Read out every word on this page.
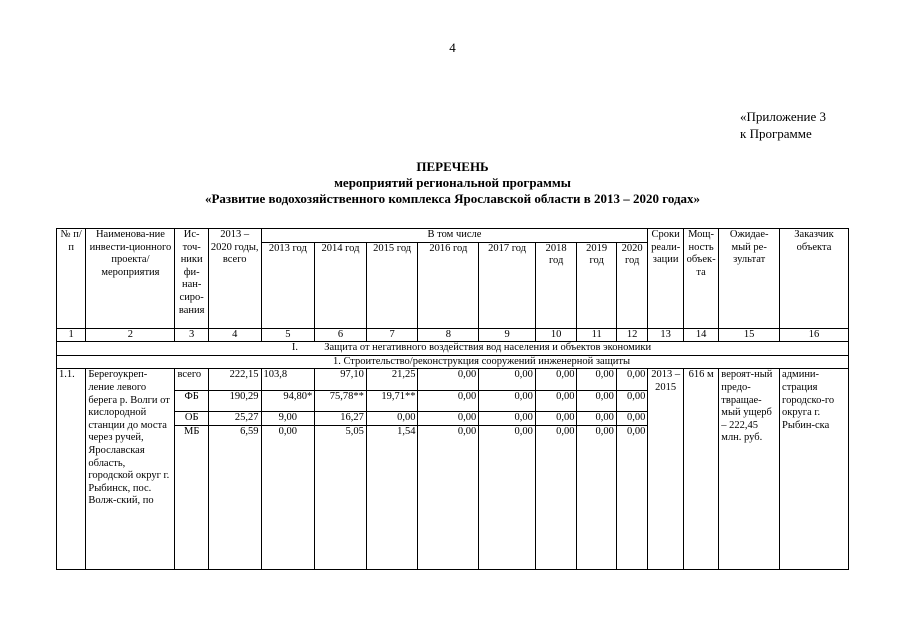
4
«Приложение 3
к Программе
ПЕРЕЧЕНЬ
мероприятий региональной программы
«Развитие водохозяйственного комплекса Ярославской области в 2013 – 2020 годах»
№ п/п	Наименова-ние инвести-ционного проекта/ мероприятия	Ис-точ-ники фи-нан-сиро-вания	2013 – 2020 годы, всего	В том числе								Сроки реали-зации	Мощ-ность объек-та	Ожидае-мый ре-зультат	Заказчик объекта
				2013 год	2014 год	2015 год	2016 год	2017 год	2018 год	2019 год	2020 год				
1	2	3	4	5	6	7	8	9	10	11	12	13	14	15	16
I.          Защита от негативного воздействия вод населения и объектов экономики															
1. Строительство/реконструкция сооружений инженерной защиты															
1.1.	Берегоукреп-ление левого берега р. Волги от кислородной станции до моста через ручей, Ярославская область, городской округ г. Рыбинск, пос. Волж-ский, по	всего	222,15	103,8	97,10	21,25	0,00	0,00	0,00	0,00	0,00	2013 – 2015	616 м	вероят-ный предо-твращае-мый ущерб – 222,45 млн. руб.	админи-страция городско-го округа г. Рыбин-ска
		ФБ	190,29	94,80*	75,78**	19,71**	0,00	0,00	0,00	0,00	0,00				
		ОБ	25,27	9,00	16,27	0,00	0,00	0,00	0,00	0,00	0,00				
		МБ	6,59	0,00	5,05	1,54	0,00	0,00	0,00	0,00	0,00				
